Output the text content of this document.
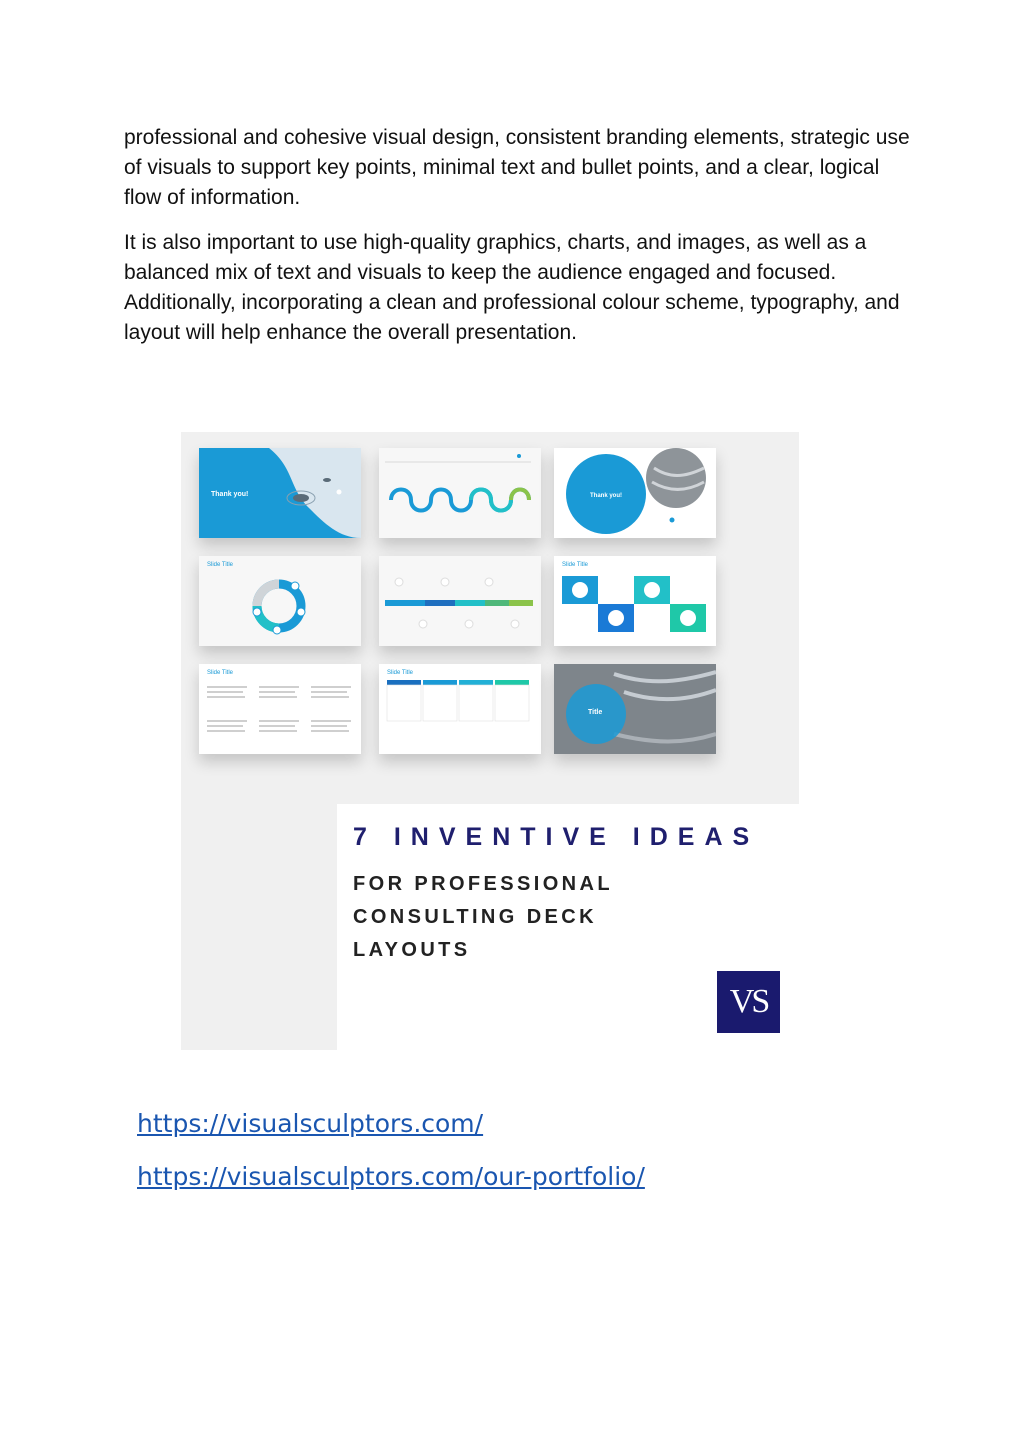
professional and cohesive visual design, consistent branding elements, strategic use of visuals to support key points, minimal text and bullet points, and a clear, logical flow of information.

It is also important to use high-quality graphics, charts, and images, as well as a balanced mix of text and visuals to keep the audience engaged and focused. Additionally, incorporating a clean and professional colour scheme, typography, and layout will help enhance the overall presentation.

Thank you!	Thank you!
Slide Title	Slide Title
Slide Title	Slide Title
Title
7 INVENTIVE IDEAS
FOR PROFESSIONAL
CONSULTING DECK
LAYOUTS
VS
https://visualsculptors.com/
https://visualsculptors.com/our-portfolio/
